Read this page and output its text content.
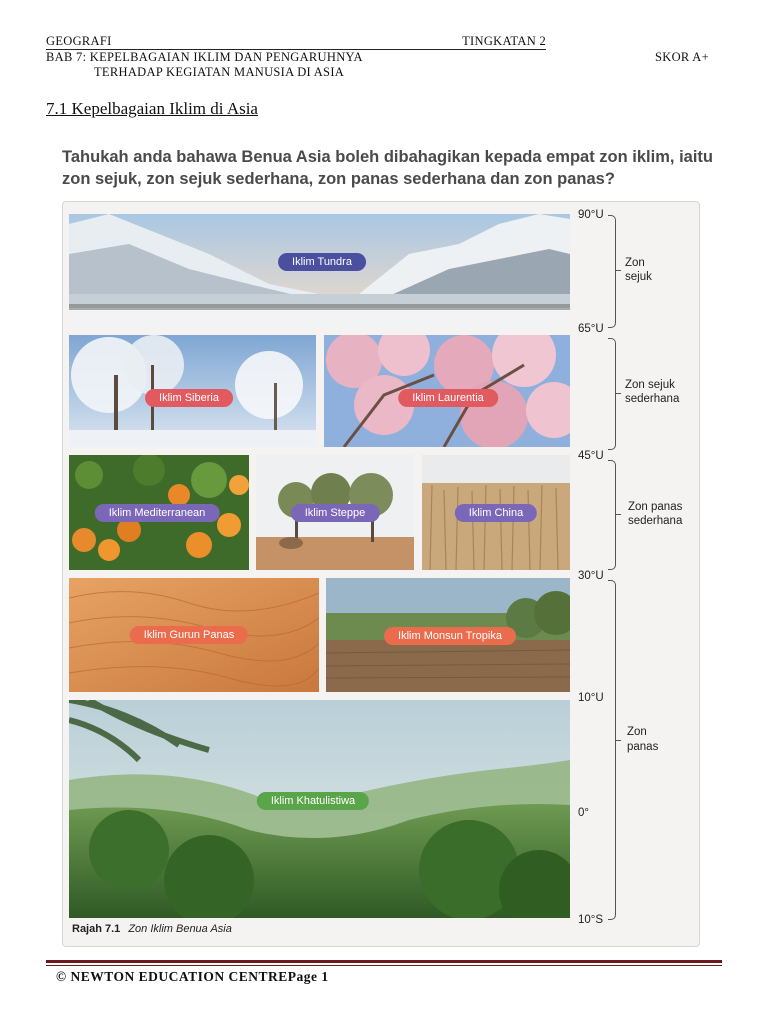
GEOGRAFI	TINGKATAN 2
BAB 7: KEPELBAGAIAN IKLIM DAN PENGARUHNYA	SKOR A+
TERHADAP KEGIATAN MANUSIA DI ASIA
7.1 Kepelbagaian Iklim di Asia
Tahukah anda bahawa Benua Asia boleh dibahagikan kepada empat zon iklim, iaitu zon sejuk, zon sejuk sederhana, zon panas sederhana dan zon panas?
Iklim Tundra
Iklim Siberia	Iklim Laurentia
Iklim Mediterranean	Iklim Steppe	Iklim China
Iklim Gurun Panas	Iklim Monsun Tropika
Iklim Khatulistiwa
90°U
65°U
45°U
30°U
10°U
0°
10°S
Zon
sejuk
Zon sejuk
sederhana
Zon panas
sederhana
Zon
panas
Rajah 7.1 Zon Iklim Benua Asia
© NEWTON EDUCATION CENTREPage 1
